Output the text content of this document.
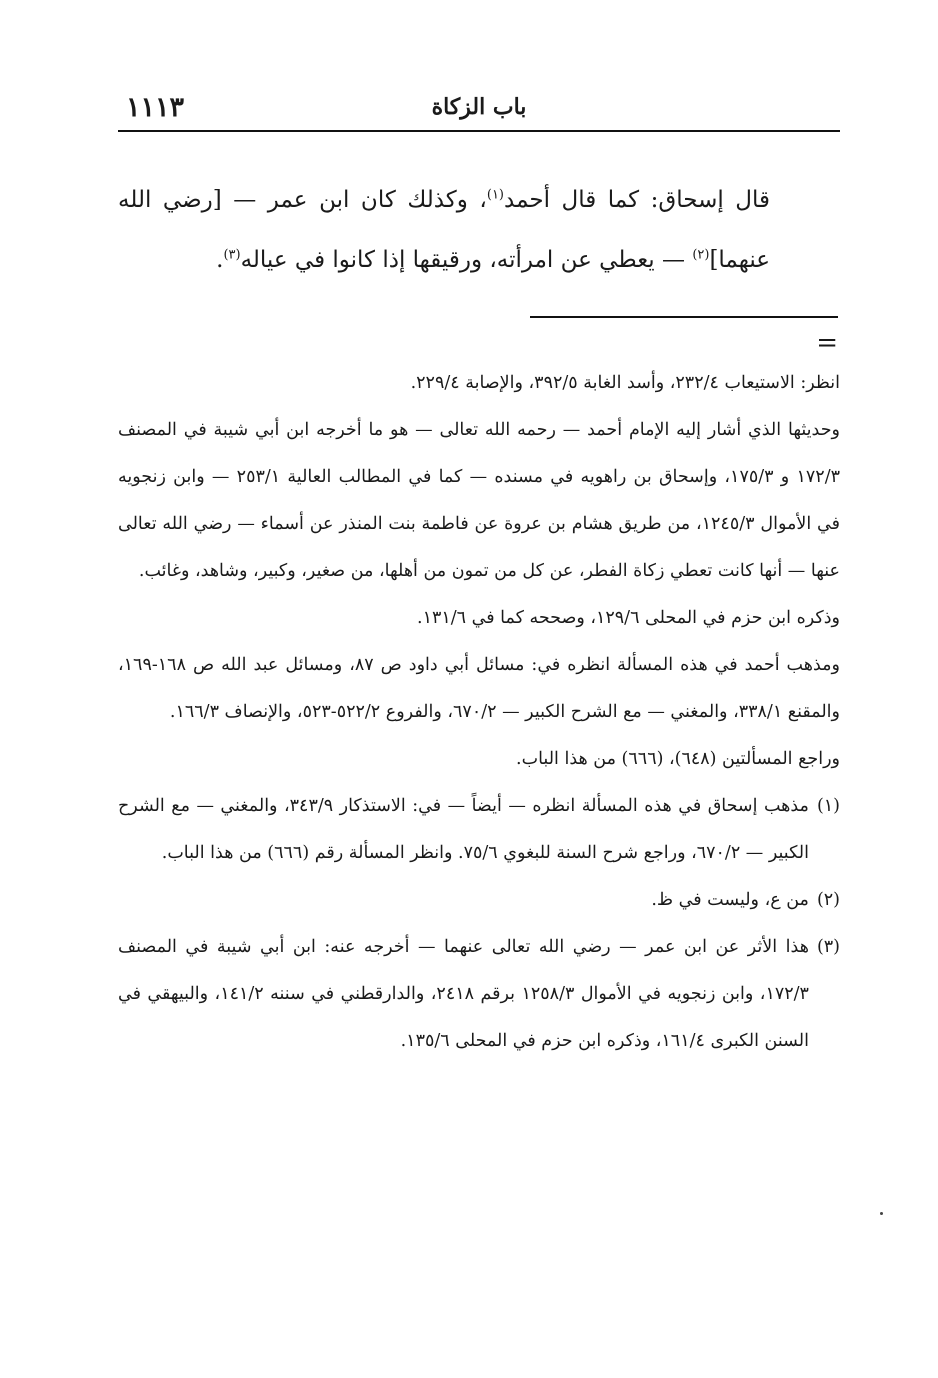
١١١٣	باب الزكاة
قال إسحاق: كما قال أحمد$^{(١)}$، وكذلك كان ابن عمر — [رضي الله عنهما]$^{(٢)}$ — يعطي عن امرأته، ورقيقها إذا كانوا في عياله$^{(٣)}$.
=

انظر: الاستيعاب ٢٣٢/٤، وأسد الغابة ٣٩٢/٥، والإصابة ٢٢٩/٤.

وحديثها الذي أشار إليه الإمام أحمد — رحمه الله تعالى — هو ما أخرجه ابن أبي شيبة في المصنف ١٧٢/٣ و ١٧٥/٣، وإسحاق بن راهويه في مسنده — كما في المطالب العالية ٢٥٣/١ — وابن زنجويه في الأموال ١٢٤٥/٣، من طريق هشام بن عروة عن فاطمة بنت المنذر عن أسماء — رضي الله تعالى عنها — أنها كانت تعطي زكاة الفطر، عن كل من تمون من أهلها، من صغير، وكبير، وشاهد، وغائب.

وذكره ابن حزم في المحلى ١٢٩/٦، وصححه كما في ١٣١/٦.

ومذهب أحمد في هذه المسألة انظره في: مسائل أبي داود ص ٨٧، ومسائل عبد الله ص ١٦٨-١٦٩، والمقنع ٣٣٨/١، والمغني — مع الشرح الكبير — ٦٧٠/٢، والفروع ٥٢٢/٢-٥٢٣، والإنصاف ١٦٦/٣.

وراجع المسألتين (٦٤٨)، (٦٦٦) من هذا الباب.

(١)
مذهب إسحاق في هذه المسألة انظره — أيضاً — في: الاستذكار ٣٤٣/٩، والمغني — مع الشرح الكبير — ٦٧٠/٢، وراجع شرح السنة للبغوي ٧٥/٦. وانظر المسألة رقم (٦٦٦) من هذا الباب.
(٢)
من ع، وليست في ظ.
(٣)
هذا الأثر عن ابن عمر — رضي الله تعالى عنهما — أخرجه عنه: ابن أبي شيبة في المصنف ١٧٢/٣، وابن زنجويه في الأموال ١٢٥٨/٣ برقم ٢٤١٨، والدارقطني في سننه ١٤١/٢، والبيهقي في السنن الكبرى ١٦١/٤، وذكره ابن حزم في المحلى ١٣٥/٦.
